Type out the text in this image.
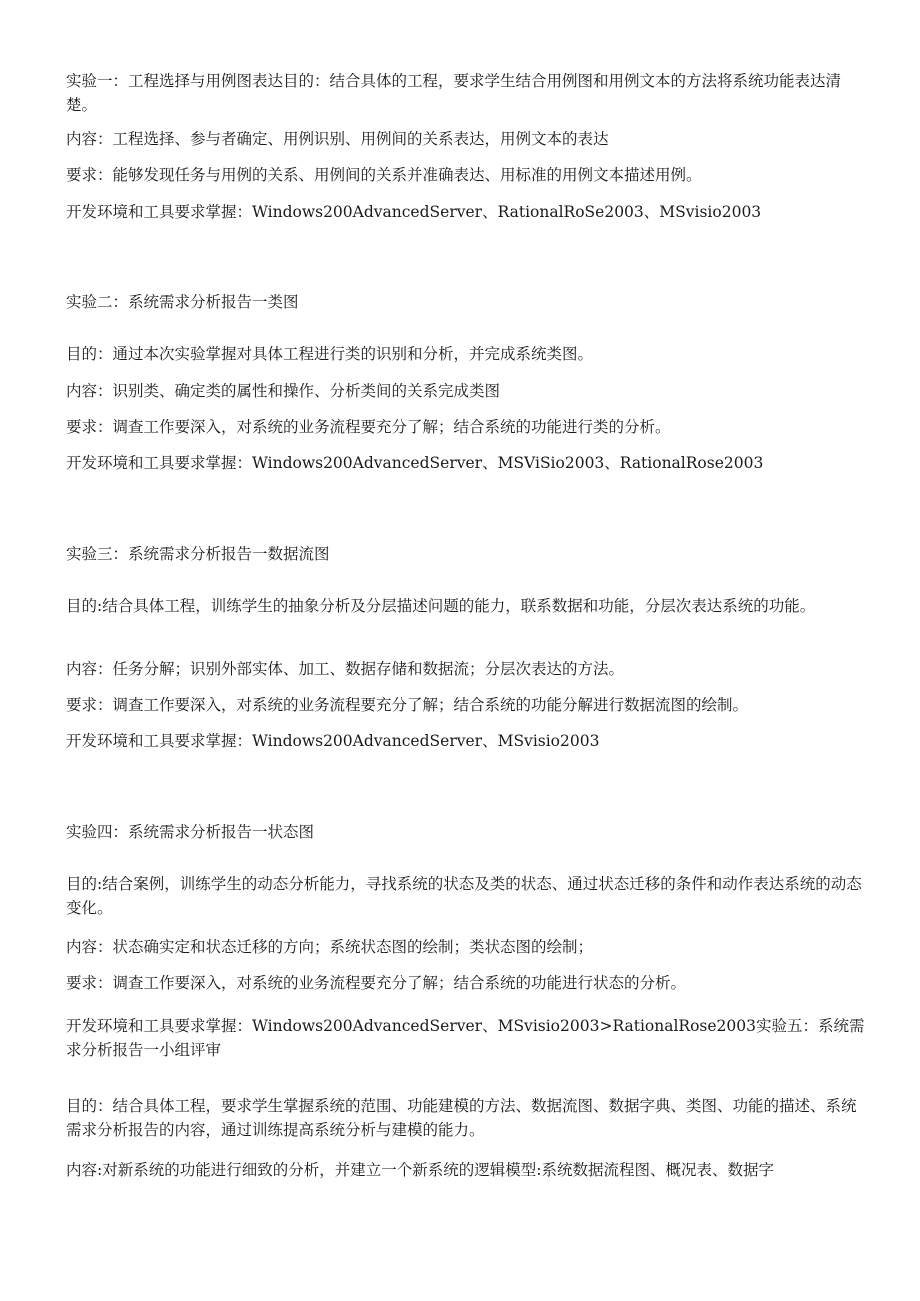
实验一：工程选择与用例图表达目的：结合具体的工程，要求学生结合用例图和用例文本的方法将系统功能表达清楚。
内容：工程选择、参与者确定、用例识别、用例间的关系表达，用例文本的表达
要求：能够发现任务与用例的关系、用例间的关系并准确表达、用标准的用例文本描述用例。
开发环境和工具要求掌握：Windows200AdvancedServer、RationalRoSe2003、MSvisio2003
实验二：系统需求分析报告一类图
目的：通过本次实验掌握对具体工程进行类的识别和分析，并完成系统类图。
内容：识别类、确定类的属性和操作、分析类间的关系完成类图
要求：调查工作要深入，对系统的业务流程要充分了解；结合系统的功能进行类的分析。
开发环境和工具要求掌握：Windows200AdvancedServer、MSViSio2003、RationalRose2003
实验三：系统需求分析报告一数据流图
目的:结合具体工程，训练学生的抽象分析及分层描述问题的能力，联系数据和功能，分层次表达系统的功能。
内容：任务分解；识别外部实体、加工、数据存储和数据流；分层次表达的方法。
要求：调查工作要深入，对系统的业务流程要充分了解；结合系统的功能分解进行数据流图的绘制。
开发环境和工具要求掌握：Windows200AdvancedServer、MSvisio2003
实验四：系统需求分析报告一状态图
目的:结合案例，训练学生的动态分析能力，寻找系统的状态及类的状态、通过状态迁移的条件和动作表达系统的动态变化。
内容：状态确实定和状态迁移的方向；系统状态图的绘制；类状态图的绘制；
要求：调查工作要深入，对系统的业务流程要充分了解；结合系统的功能进行状态的分析。
开发环境和工具要求掌握：Windows200AdvancedServer、MSvisio2003>RationalRose2003实验五：系统需求分析报告一小组评审
目的：结合具体工程，要求学生掌握系统的范围、功能建模的方法、数据流图、数据字典、类图、功能的描述、系统需求分析报告的内容，通过训练提高系统分析与建模的能力。
内容:对新系统的功能进行细致的分析，并建立一个新系统的逻辑模型:系统数据流程图、概况表、数据字
